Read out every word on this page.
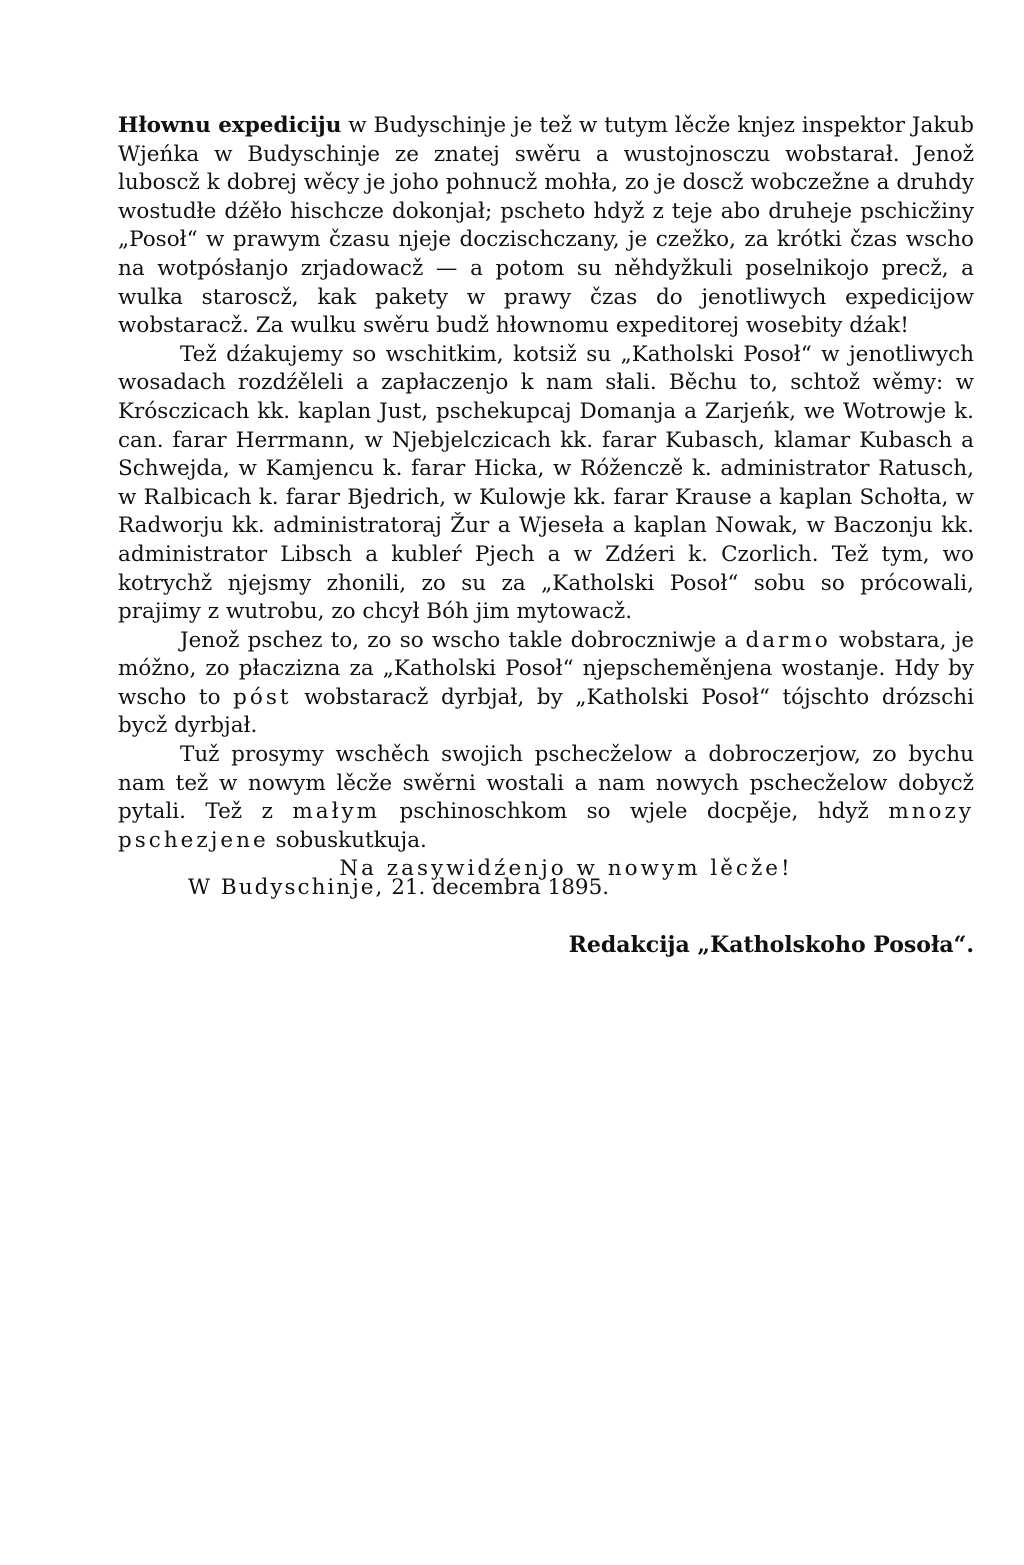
Hłownu expediciju w Budyschinje je tež w tutym lěcže knjez inspektor Jakub Wjeńka w Budyschinje ze znatej swěru a wustojnosczu wobstarał. Jenož luboscž k dobrej wěcy je joho pohnucž mohła, zo je doscž wobczežne a druhdy wostudłe dźěło hischcze dokonjał; pscheto hdyž z teje abo druheje pschicžiny „Posoł“ w prawym čzasu njeje doczischczany, je czežko, za krótki čzas wscho na wotpósłanjo zrjadowacž — a potom su něhdyžkuli poselnikojo precž, a wulka staroscž, kak pakety w prawy čzas do jenotliwych expedicijow wobstaracž. Za wulku swěru budž hłownomu expeditorej wosebity dźak!

Tež dźakujemy so wschitkim, kotsiž su „Katholski Posoł“ w jenotliwych wosadach rozdźěleli a zapłaczenjo k nam słali. Běchu to, schtož wěmy: w Krósczicach kk. kaplan Just, pschekupcaj Domanja a Zarjeńk, we Wotrowje k. can. farar Herrmann, w Njebjelczicach kk. farar Kubasch, klamar Kubasch a Schwejda, w Kamjencu k. farar Hicka, w Róženczě k. administrator Ratusch, w Ralbicach k. farar Bjedrich, w Kulowje kk. farar Krause a kaplan Schołta, w Radworju kk. administratoraj Žur a Wjeseła a kaplan Nowak, w Baczonju kk. administrator Libsch a kubleŕ Pjech a w Zdźeri k. Czorlich. Tež tym, wo kotrychž njejsmy zhonili, zo su za „Katholski Posoł“ sobu so prócowali, prajimy z wutrobu, zo chcył Bóh jim mytowacž.

Jenož pschez to, zo so wscho takle dobroczniwje a darmo wobstara, je móžno, zo płaczizna za „Katholski Posoł“ njepscheměnjena wostanje. Hdy by wscho to póst wobstaracž dyrbjał, by „Katholski Posoł“ tójschto drózschi bycž dyrbjał.

Tuž prosymy wschěch swojich pschecželow a dobroczerjow, zo bychu nam tež w nowym lěcže swěrni wostali a nam nowych pschecželow dobycž pytali. Tež z małym pschinoschkom so wjele docpěje, hdyž mnozy pschezjene sobuskutkuja.

Na zasywidźenjo w nowym lěcže!

W Budyschinje, 21. decembra 1895.

Redakcija „Katholskoho Posoła“.
